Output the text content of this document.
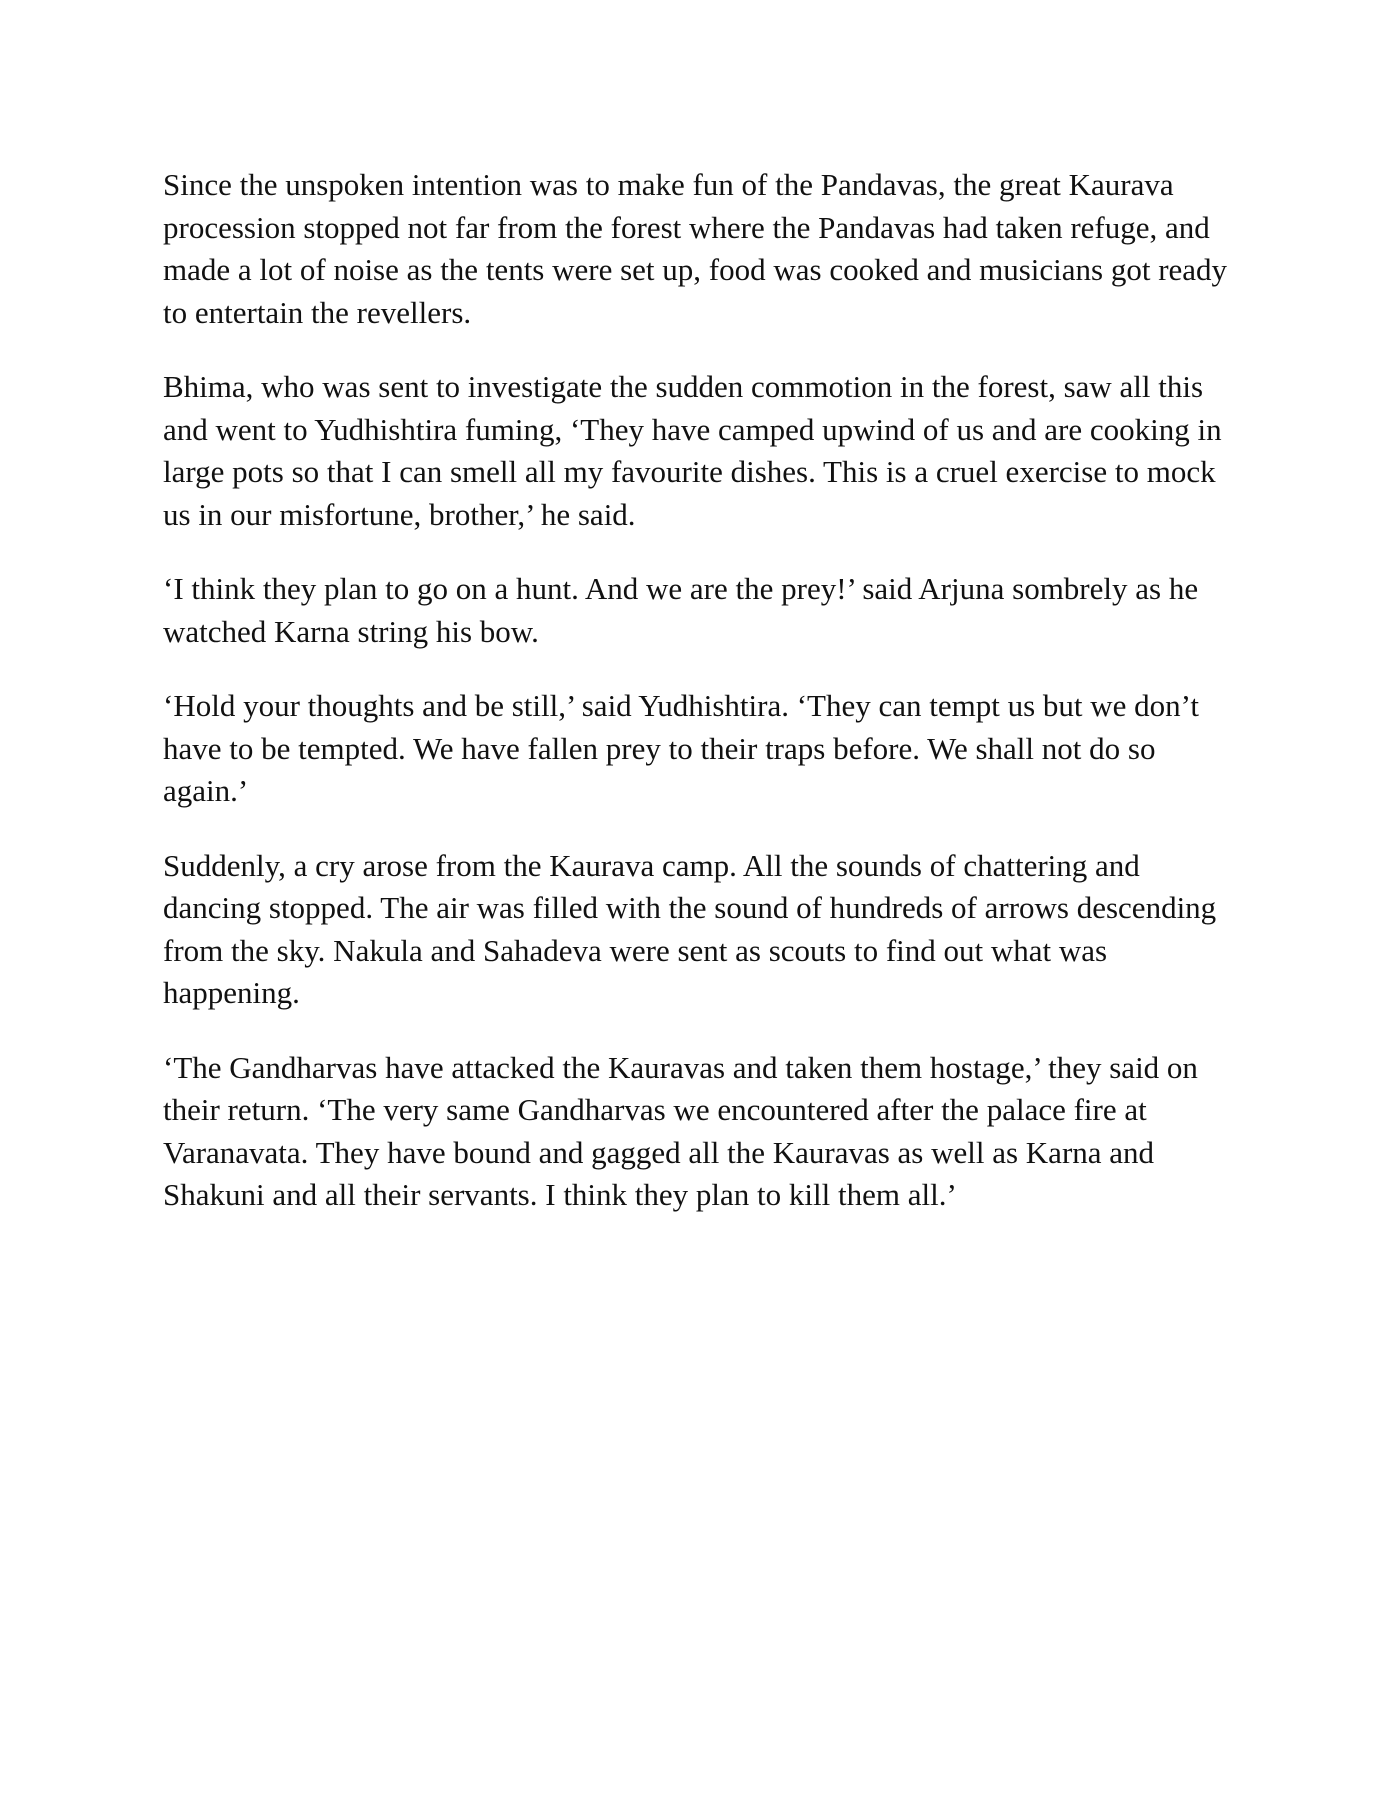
Since the unspoken intention was to make fun of the Pandavas, the great Kaurava procession stopped not far from the forest where the Pandavas had taken refuge, and made a lot of noise as the tents were set up, food was cooked and musicians got ready to entertain the revellers.

Bhima, who was sent to investigate the sudden commotion in the forest, saw all this and went to Yudhishtira fuming, ‘They have camped upwind of us and are cooking in large pots so that I can smell all my favourite dishes. This is a cruel exercise to mock us in our misfortune, brother,’ he said.

‘I think they plan to go on a hunt. And we are the prey!’ said Arjuna sombrely as he watched Karna string his bow.

‘Hold your thoughts and be still,’ said Yudhishtira. ‘They can tempt us but we don’t have to be tempted. We have fallen prey to their traps before. We shall not do so again.’

Suddenly, a cry arose from the Kaurava camp. All the sounds of chattering and dancing stopped. The air was filled with the sound of hundreds of arrows descending from the sky. Nakula and Sahadeva were sent as scouts to find out what was happening.

‘The Gandharvas have attacked the Kauravas and taken them hostage,’ they said on their return. ‘The very same Gandharvas we encountered after the palace fire at Varanavata. They have bound and gagged all the Kauravas as well as Karna and Shakuni and all their servants. I think they plan to kill them all.’
